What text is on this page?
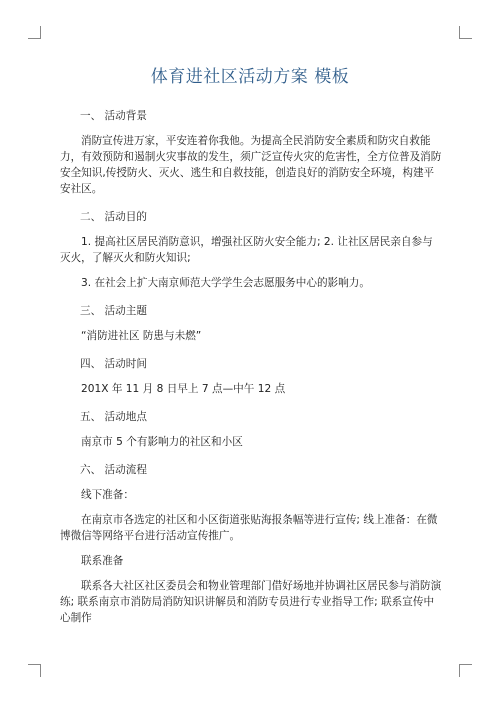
体育进社区活动方案 模板

一、 活动背景

消防宣传进万家，平安连着你我他。为提高全民消防安全素质和防灾自救能力，有效预防和遏制火灾事故的发生，须广泛宣传火灾的危害性，全方位普及消防安全知识,传授防火、灭火、逃生和自救技能，创造良好的消防安全环境，构建平安社区。

二、 活动目的

1. 提高社区居民消防意识，增强社区防火安全能力; 2. 让社区居民亲自参与灭火，了解灭火和防火知识;

3. 在社会上扩大南京师范大学学生会志愿服务中心的影响力。

三、 活动主题

“消防进社区 防患与未燃”

四、 活动时间

201X 年 11 月 8 日早上 7 点—中午 12 点

五、 活动地点

南京市 5 个有影响力的社区和小区

六、 活动流程

线下准备：

在南京市各选定的社区和小区街道张贴海报条幅等进行宣传; 线上准备：在微博微信等网络平台进行活动宣传推广。

联系准备

联系各大社区社区委员会和物业管理部门借好场地并协调社区居民参与消防演练; 联系南京市消防局消防知识讲解员和消防专员进行专业指导工作; 联系宣传中心制作
